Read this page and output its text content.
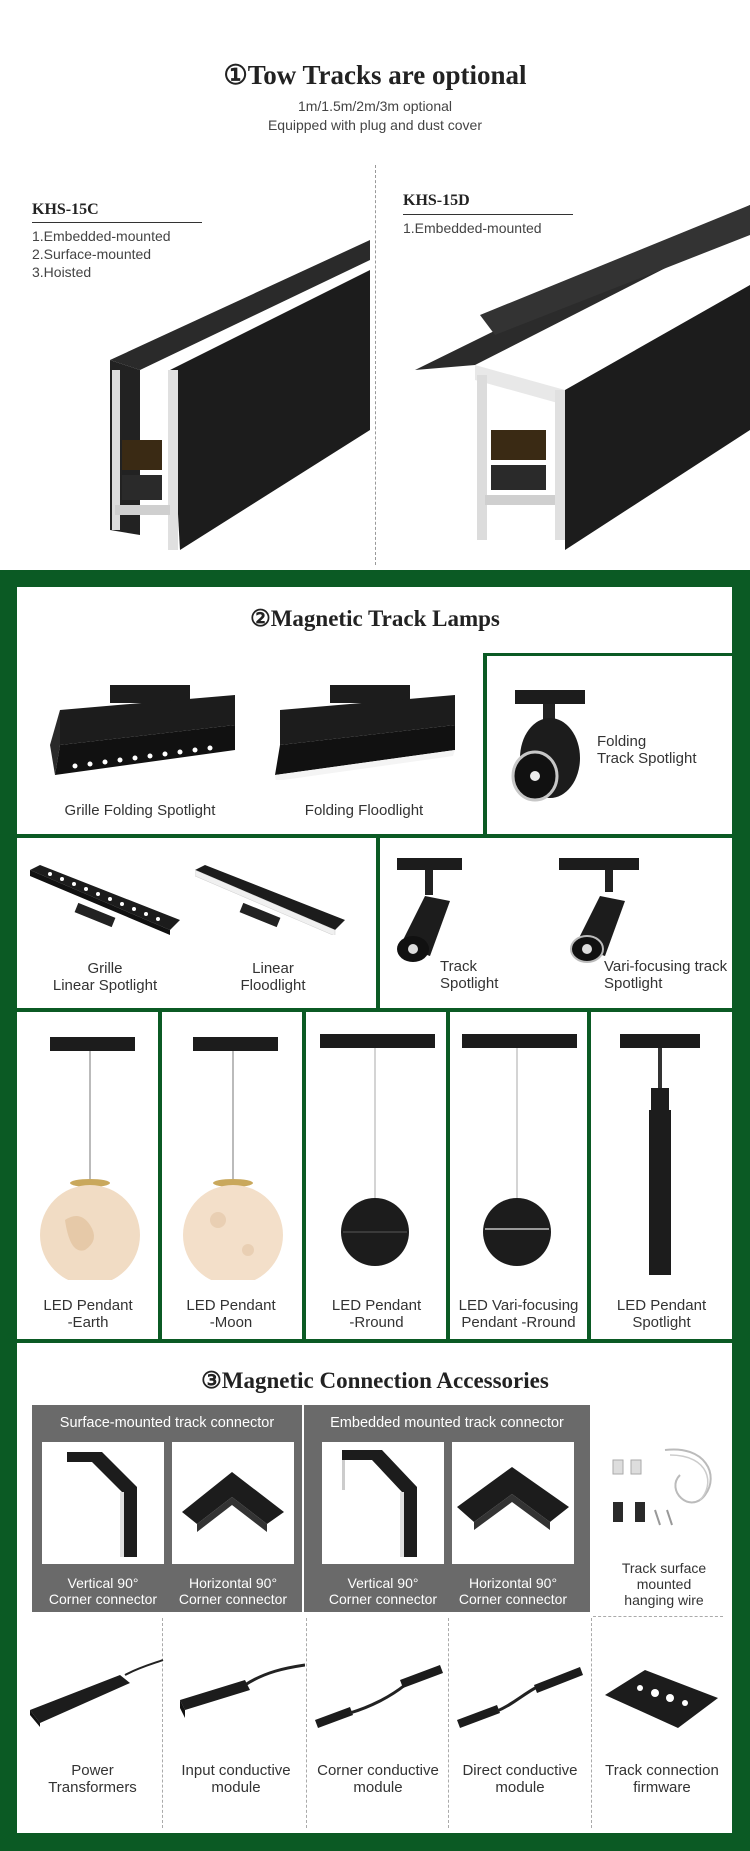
①Tow Tracks are optional
1m/1.5m/2m/3m optional
Equipped with plug and dust cover
KHS-15C
1.Embedded-mounted
2.Surface-mounted
3.Hoisted
KHS-15D
1.Embedded-mounted
②Magnetic Track Lamps
Grille Folding Spotlight	Folding Floodlight
Folding
Track Spotlight
Grille
Linear Spotlight
Linear
Floodlight
Track
Spotlight
Vari-focusing track
Spotlight
LED Pendant
-Earth
LED Pendant
-Moon
LED Pendant
-Rround
LED Vari-focusing
Pendant -Rround
LED Pendant
Spotlight
③Magnetic Connection Accessories
Surface-mounted track connector	Embedded mounted track connector
Vertical 90°
Corner connector
Horizontal 90°
Corner connector
Vertical 90°
Corner connector
Horizontal 90°
Corner connector
Track surface
mounted
hanging wire
Power
Transformers
Input conductive
module
Corner conductive
module
Direct conductive
module
Track connection
firmware
